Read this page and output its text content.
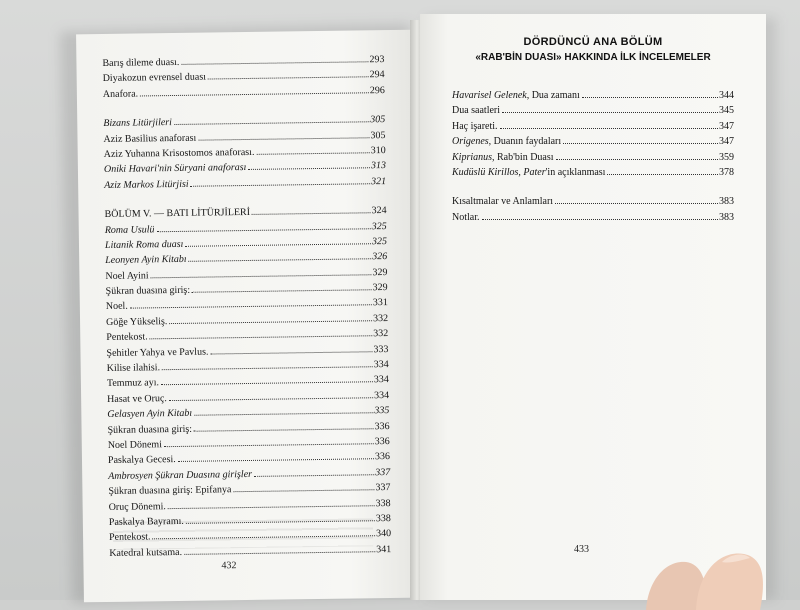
Barış dileme duası.	293
Diyakozun evrensel duası	294
Anafora.	296
Bizans Litürjileri	305
Aziz Basilius anaforası	305
Aziz Yuhanna Krisostomos anaforası.	310
Oniki Havari'nin Süryani anaforası	313
Aziz Markos Litürjisi	321
BÖLÜM V. — BATI LİTÜRJİLERİ	324
Roma Usulü	325
Litanik Roma duası	325
Leonyen Ayin Kitabı	326
Noel Ayini	329
Şükran duasına giriş:	329
Noel.	331
Göğe Yükseliş.	332
Pentekost.	332
Şehitler Yahya ve Pavlus.	333
Kilise ilahisi.	334
Temmuz ayı.	334
Hasat ve Oruç.	334
Gelasyen Ayin Kitabı	335
Şükran duasına giriş:	336
Noel Dönemi	336
Paskalya Gecesi.	336
Ambrosyen Şükran Duasına girişler	337
Şükran duasına giriş: Epifanya	337
Oruç Dönemi.	338
Paskalya Bayramı.	338
Pentekost.	340
Katedral kutsama.	341
432
DÖRDÜNCÜ ANA BÖLÜM
«RAB'BİN DUASI» HAKKINDA İLK İNCELEMELER
Havarisel Gelenek, Dua zamanı	344
Dua saatleri	345
Haç işareti.	347
Origenes, Duanın faydaları	347
Kiprianus, Rab'bin Duası	359
Kudüslü Kirillos, Pater'in açıklanması	378
Kısaltmalar ve Anlamları	383
Notlar.	383
433
